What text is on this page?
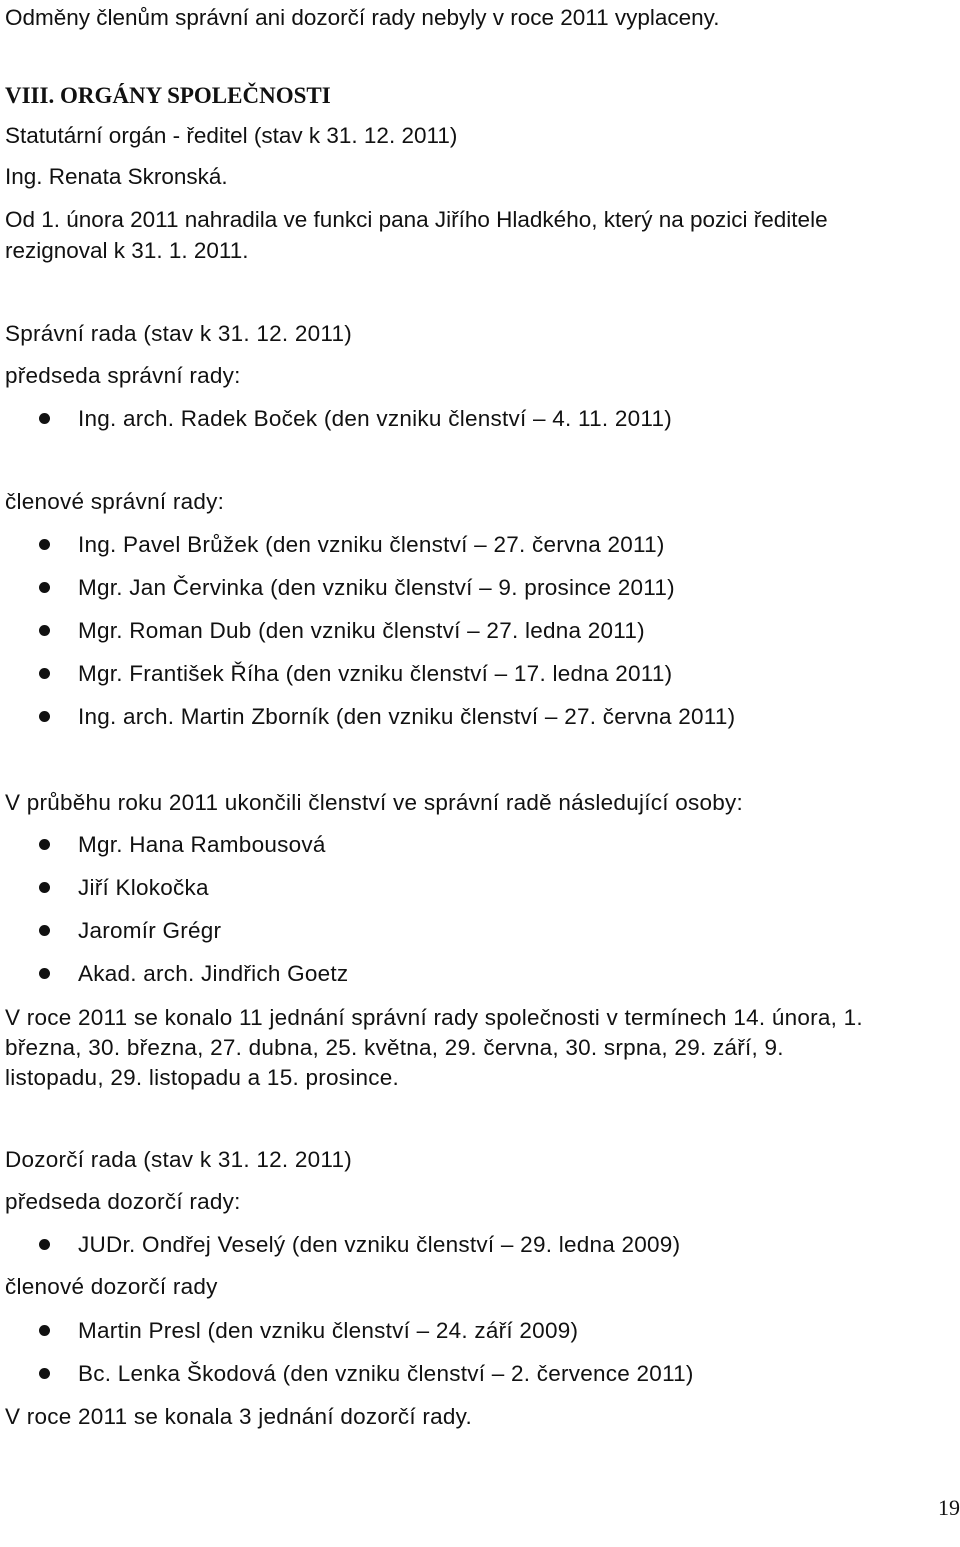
Odměny členům správní ani dozorčí rady nebyly v roce 2011 vyplaceny.
VIII. ORGÁNY SPOLEČNOSTI
Statutární orgán - ředitel (stav k 31. 12. 2011)
Ing. Renata Skronská.
Od 1. února 2011 nahradila ve funkci pana Jiřího Hladkého, který na pozici ředitele
rezignoval k 31. 1. 2011.
Správní rada (stav k 31. 12. 2011)
předseda správní rady:
Ing. arch. Radek Boček (den vzniku členství – 4. 11. 2011)
členové správní rady:
Ing. Pavel Brůžek (den vzniku členství – 27. června 2011)
Mgr. Jan Červinka (den vzniku členství – 9. prosince 2011)
Mgr. Roman Dub (den vzniku členství – 27. ledna 2011)
Mgr. František Říha (den vzniku členství – 17. ledna 2011)
Ing. arch. Martin Zborník (den vzniku členství – 27. června 2011)
V průběhu roku 2011 ukončili členství ve správní radě následující osoby:
Mgr. Hana Rambousová
Jiří Klokočka
Jaromír Grégr
Akad. arch. Jindřich Goetz
V roce 2011 se konalo 11 jednání správní rady společnosti v termínech 14. února, 1.
března, 30. března, 27. dubna, 25. května, 29. června, 30. srpna, 29. září, 9.
listopadu, 29. listopadu a 15. prosince.
Dozorčí rada (stav k 31. 12. 2011)
předseda dozorčí rady:
JUDr. Ondřej Veselý (den vzniku členství – 29. ledna 2009)
členové dozorčí rady
Martin Presl (den vzniku členství – 24. září 2009)
Bc. Lenka Škodová (den vzniku členství – 2. července 2011)
V roce 2011 se konala 3 jednání dozorčí rady.
19
